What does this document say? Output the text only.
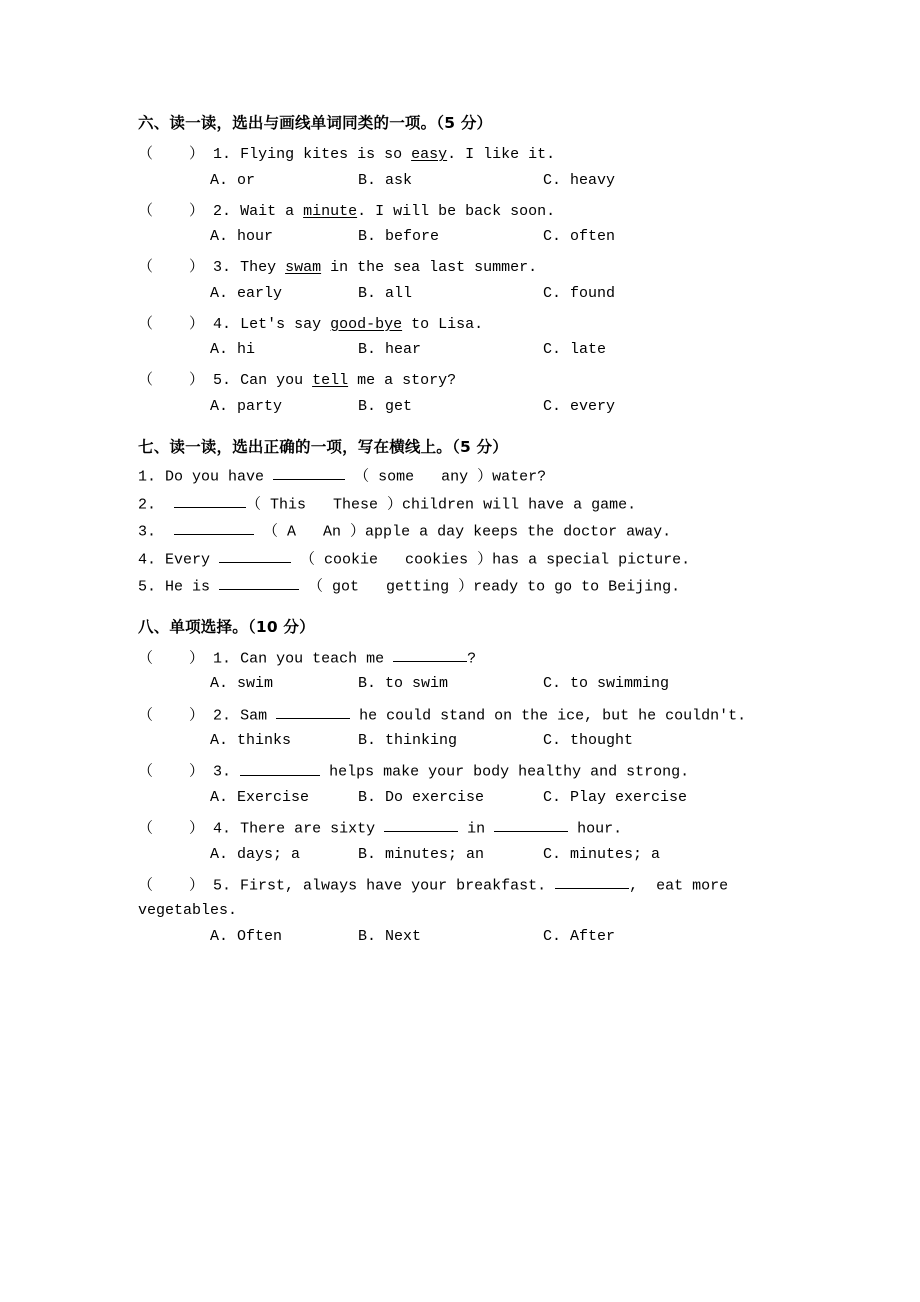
六、读一读，选出与画线单词同类的一项。（5 分）
（    ） 1. Flying kites is so easy. I like it.
A. or	B. ask	C. heavy
（    ） 2. Wait a minute. I will be back soon.
A. hour	B. before	C. often
（    ） 3. They swam in the sea last summer.
A. early	B. all	C. found
（    ） 4. Let's say good-bye to Lisa.
A. hi	B. hear	C. late
（    ） 5. Can you tell me a story?
A. party	B. get	C. every
七、读一读，选出正确的一项，写在横线上。（5 分）
1. Do you have	（ some   any ）water?
2.	（ This   These ）children will have a game.
3.	（ A   An ）apple a day keeps the doctor away.
4. Every	（ cookie   cookies ）has a special picture.
5. He is	（ got   getting ）ready to go to Beijing.
八、单项选择。（10 分）
（    ） 1. Can you teach me	?
A. swim	B. to swim	C. to swimming
（    ） 2. Sam	he could stand on the ice, but he couldn't.
A. thinks	B. thinking	C. thought
（    ） 3.	helps make your body healthy and strong.
A. Exercise	B. Do exercise	C. Play exercise
（    ） 4. There are sixty	in	hour.
A. days; a	B. minutes; an	C. minutes; a
（    ） 5. First, always have your breakfast.	,  eat more
vegetables.
A. Often	B. Next	C. After
